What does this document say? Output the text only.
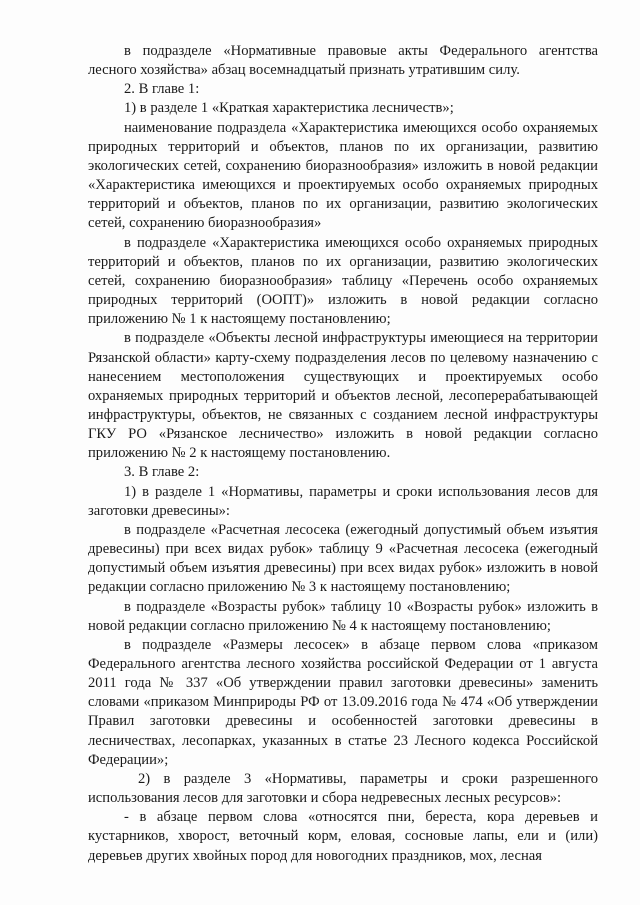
в подразделе «Нормативные правовые акты Федерального агентства лесного хозяйства» абзац восемнадцатый признать утратившим силу.

2. В главе 1:

1) в разделе 1 «Краткая характеристика лесничеств»;

наименование подраздела «Характеристика имеющихся особо охраняемых природных территорий и объектов, планов по их организации, развитию экологических сетей, сохранению биоразнообразия» изложить в новой редакции «Характеристика имеющихся и проектируемых особо охраняемых природных территорий и объектов, планов по их организации, развитию экологических сетей, сохранению биоразнообразия»

в подразделе «Характеристика имеющихся особо охраняемых природных территорий и объектов, планов по их организации, развитию экологических сетей, сохранению биоразнообразия» таблицу «Перечень особо охраняемых природных территорий (ООПТ)» изложить в новой редакции согласно приложению № 1 к настоящему постановлению;

в подразделе «Объекты лесной инфраструктуры имеющиеся на территории Рязанской области» карту-схему подразделения лесов по целевому назначению с нанесением местоположения существующих и проектируемых особо охраняемых природных территорий и объектов лесной, лесоперерабатывающей инфраструктуры, объектов, не связанных с созданием лесной инфраструктуры ГКУ РО «Рязанское лесничество» изложить в новой редакции согласно приложению № 2 к настоящему постановлению.

3. В главе 2:

1) в разделе 1 «Нормативы, параметры и сроки использования лесов для заготовки древесины»:

в подразделе «Расчетная лесосека (ежегодный допустимый объем изъятия древесины) при всех видах рубок» таблицу 9 «Расчетная лесосека (ежегодный допустимый объем изъятия древесины) при всех видах рубок» изложить в новой редакции согласно приложению № 3 к настоящему постановлению;

в подразделе «Возрасты рубок» таблицу 10 «Возрасты рубок» изложить в новой редакции согласно приложению № 4 к настоящему постановлению;

в подразделе «Размеры лесосек» в абзаце первом слова «приказом Федерального агентства лесного хозяйства российской Федерации от 1 августа 2011 года № 337 «Об утверждении правил заготовки древесины» заменить словами «приказом Минприроды РФ от 13.09.2016 года № 474 «Об утверждении Правил заготовки древесины и особенностей заготовки древесины в лесничествах, лесопарках, указанных в статье 23 Лесного кодекса Российской Федерации»;

2) в разделе 3 «Нормативы, параметры и сроки разрешенного использования лесов для заготовки и сбора недревесных лесных ресурсов»:

- в абзаце первом слова «относятся пни, береста, кора деревьев и кустарников, хворост, веточный корм, еловая, сосновые лапы, ели и (или) деревьев других хвойных пород для новогодних праздников, мох, лесная
